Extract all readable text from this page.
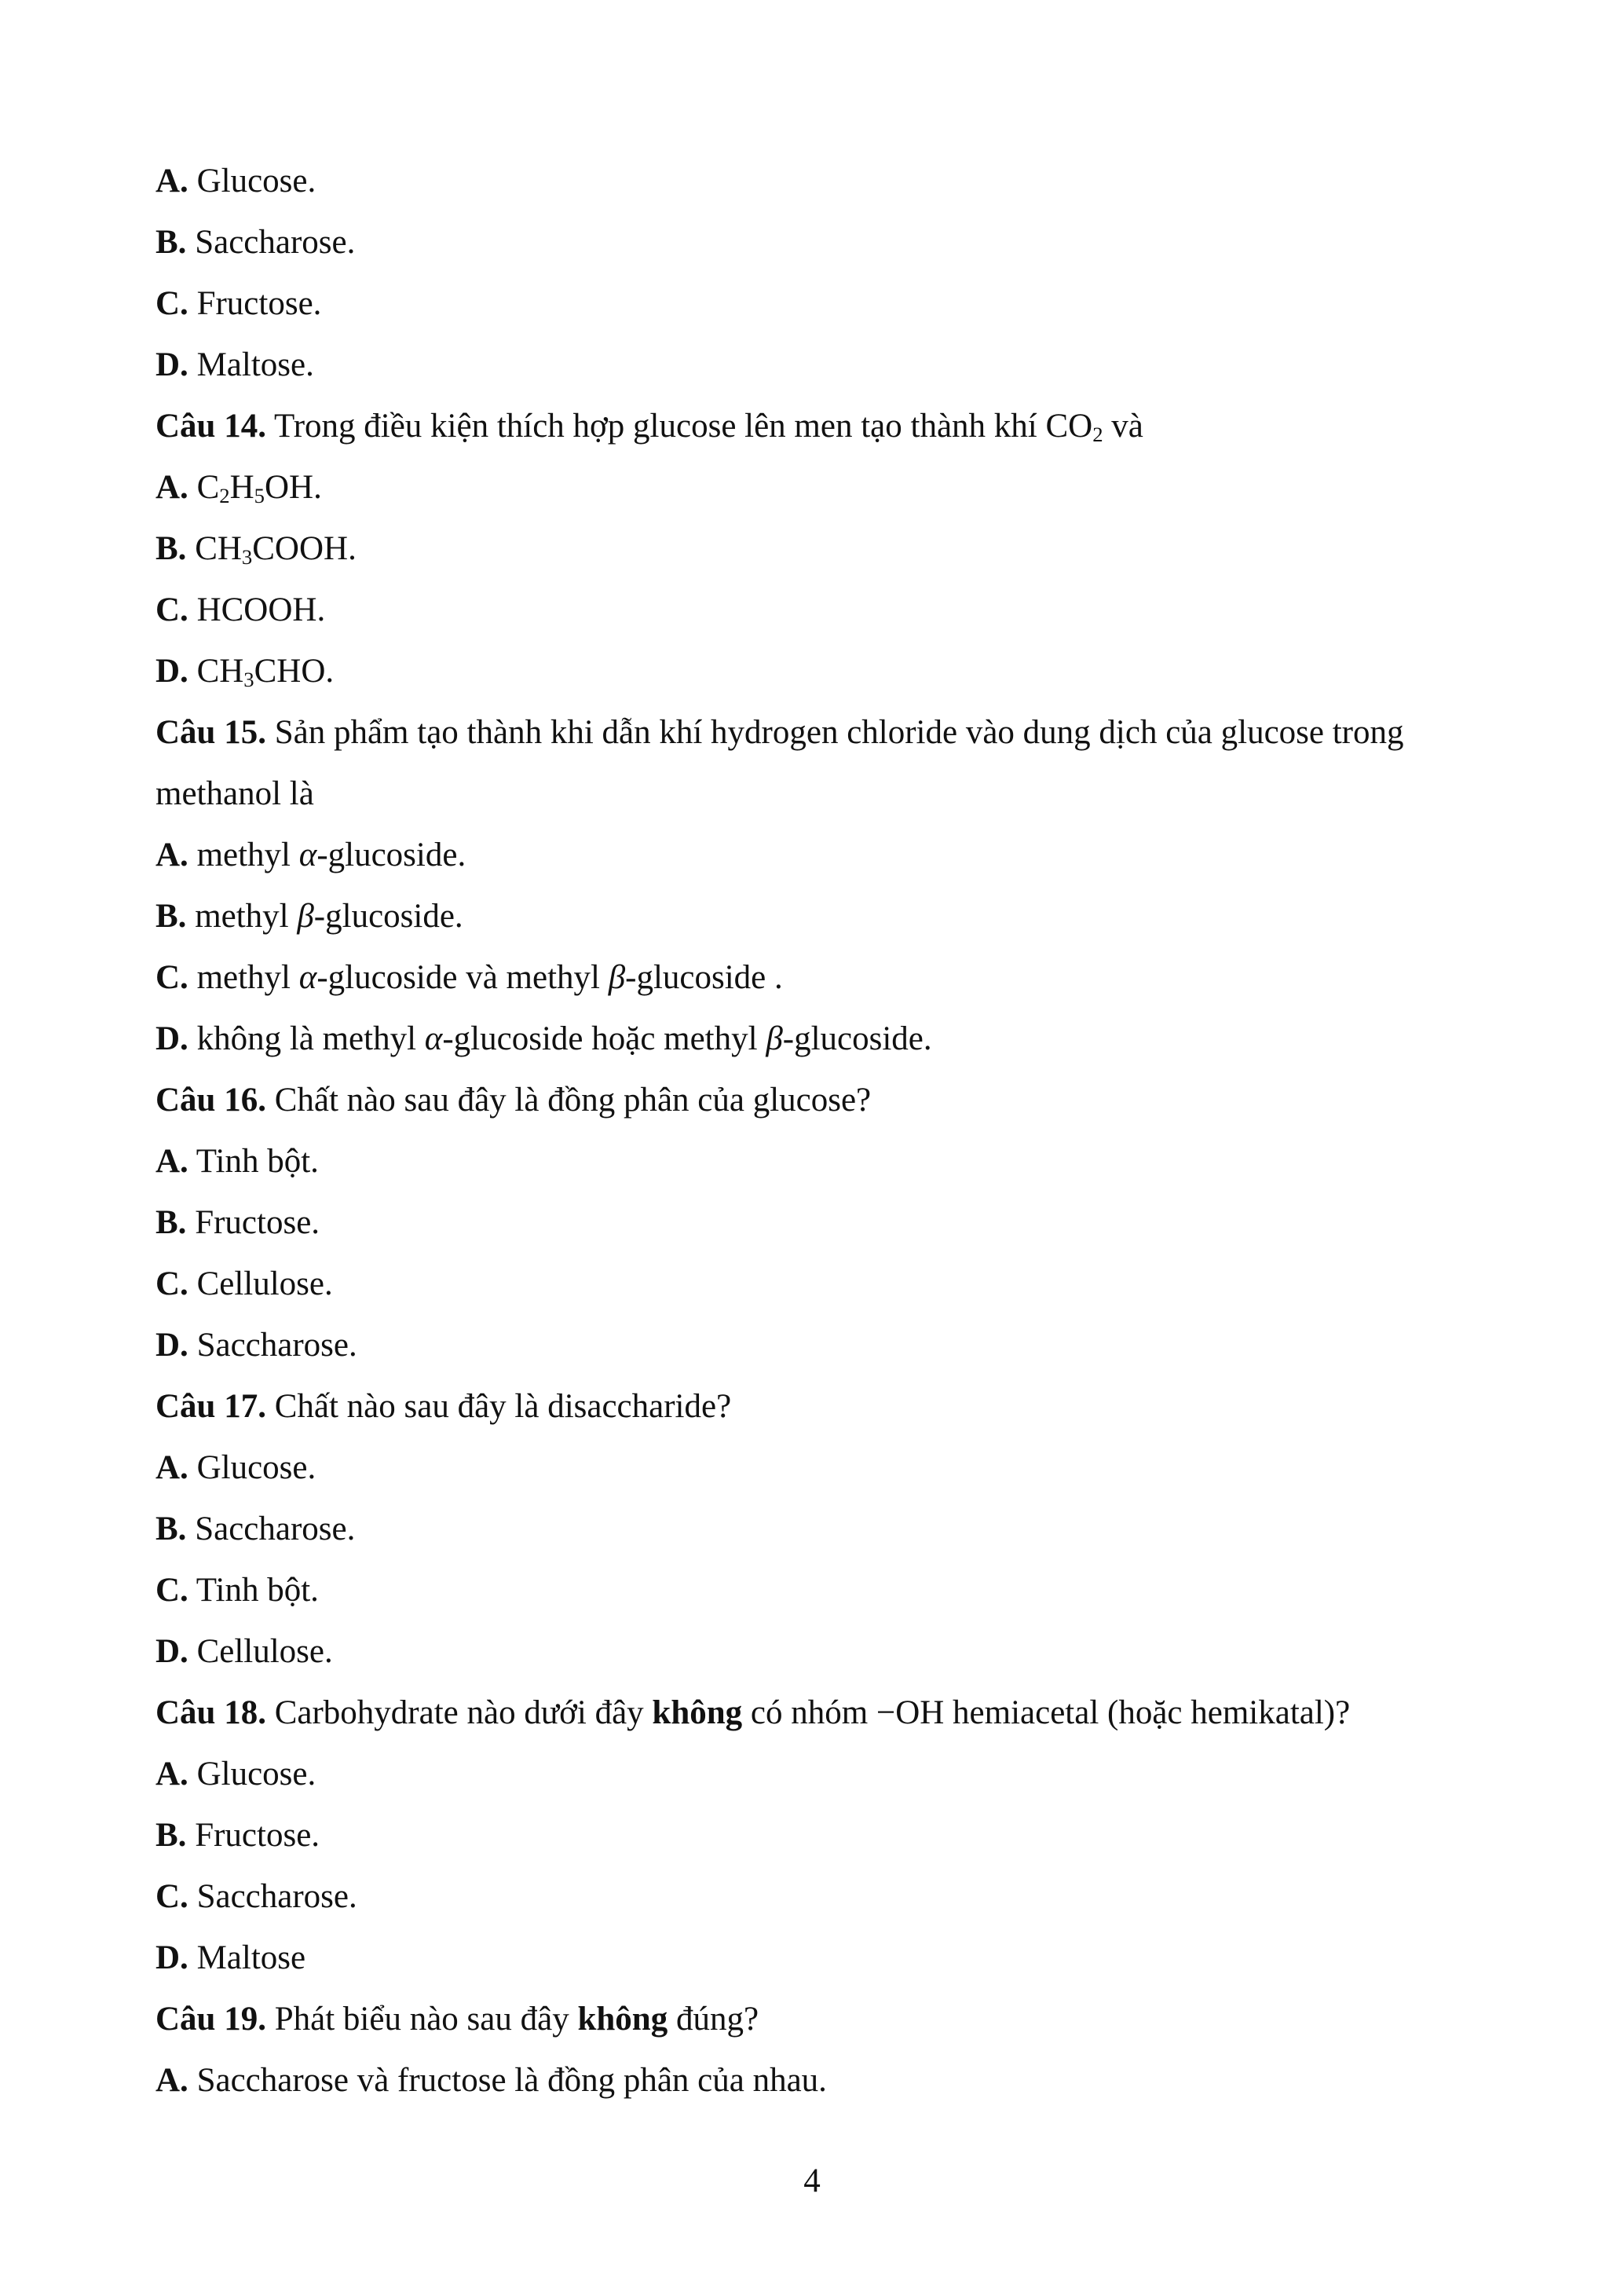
A. Glucose.
B. Saccharose.
C. Fructose.
D. Maltose.
Câu 14. Trong điều kiện thích hợp glucose lên men tạo thành khí $CO_2$ và
A. $C_2H_5OH$.
B. $CH_3COOH$.
C. HCOOH.
D. $CH_3CHO$.
Câu 15. Sản phẩm tạo thành khi dẫn khí hydrogen chloride vào dung dịch của glucose trong methanol là
A. methyl α-glucoside.
B. methyl β-glucoside.
C. methyl α-glucoside và methyl β-glucoside .
D. không là methyl α-glucoside hoặc methyl β-glucoside.
Câu 16. Chất nào sau đây là đồng phân của glucose?
A. Tinh bột.
B. Fructose.
C. Cellulose.
D. Saccharose.
Câu 17. Chất nào sau đây là disaccharide?
A. Glucose.
B. Saccharose.
C. Tinh bột.
D. Cellulose.
Câu 18. Carbohydrate nào dưới đây không có nhóm −OH hemiacetal (hoặc hemikatal)?
A. Glucose.
B. Fructose.
C. Saccharose.
D. Maltose
Câu 19. Phát biểu nào sau đây không đúng?
A. Saccharose và fructose là đồng phân của nhau.
4
